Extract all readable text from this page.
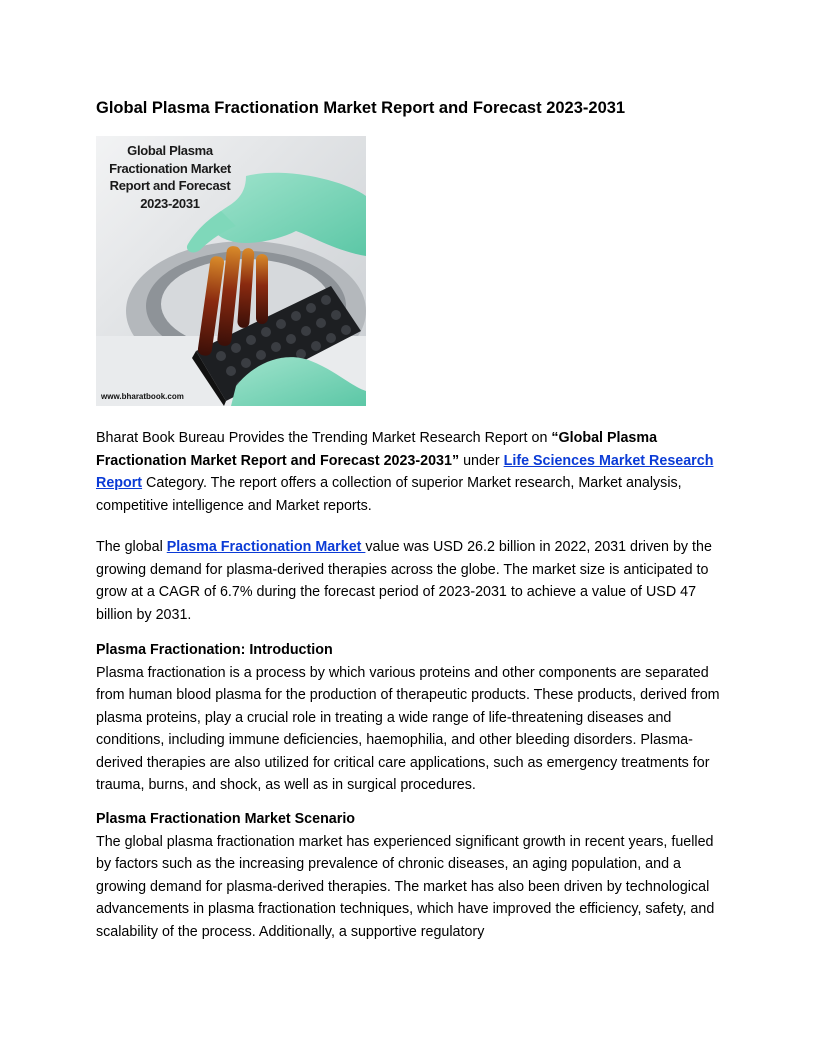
Global Plasma Fractionation Market Report and Forecast 2023-2031
Global Plasma
Fractionation Market
Report and Forecast
2023-2031
www.bharatbook.com

Bharat Book Bureau Provides the Trending Market Research Report on “Global Plasma Fractionation Market Report and Forecast 2023-2031” under Life Sciences Market Research Report Category. The report offers a collection of superior Market research, Market analysis, competitive intelligence and Market reports.

The global Plasma Fractionation Market value was USD 26.2 billion in 2022, 2031 driven by the growing demand for plasma-derived therapies across the globe. The market size is anticipated to grow at a CAGR of 6.7% during the forecast period of 2023-2031 to achieve a value of USD 47 billion by 2031.

Plasma Fractionation: Introduction

Plasma fractionation is a process by which various proteins and other components are separated from human blood plasma for the production of therapeutic products. These products, derived from plasma proteins, play a crucial role in treating a wide range of life-threatening diseases and conditions, including immune deficiencies, haemophilia, and other bleeding disorders. Plasma-derived therapies are also utilized for critical care applications, such as emergency treatments for trauma, burns, and shock, as well as in surgical procedures.

Plasma Fractionation Market Scenario

The global plasma fractionation market has experienced significant growth in recent years, fuelled by factors such as the increasing prevalence of chronic diseases, an aging population, and a growing demand for plasma-derived therapies. The market has also been driven by technological advancements in plasma fractionation techniques, which have improved the efficiency, safety, and scalability of the process. Additionally, a supportive regulatory
